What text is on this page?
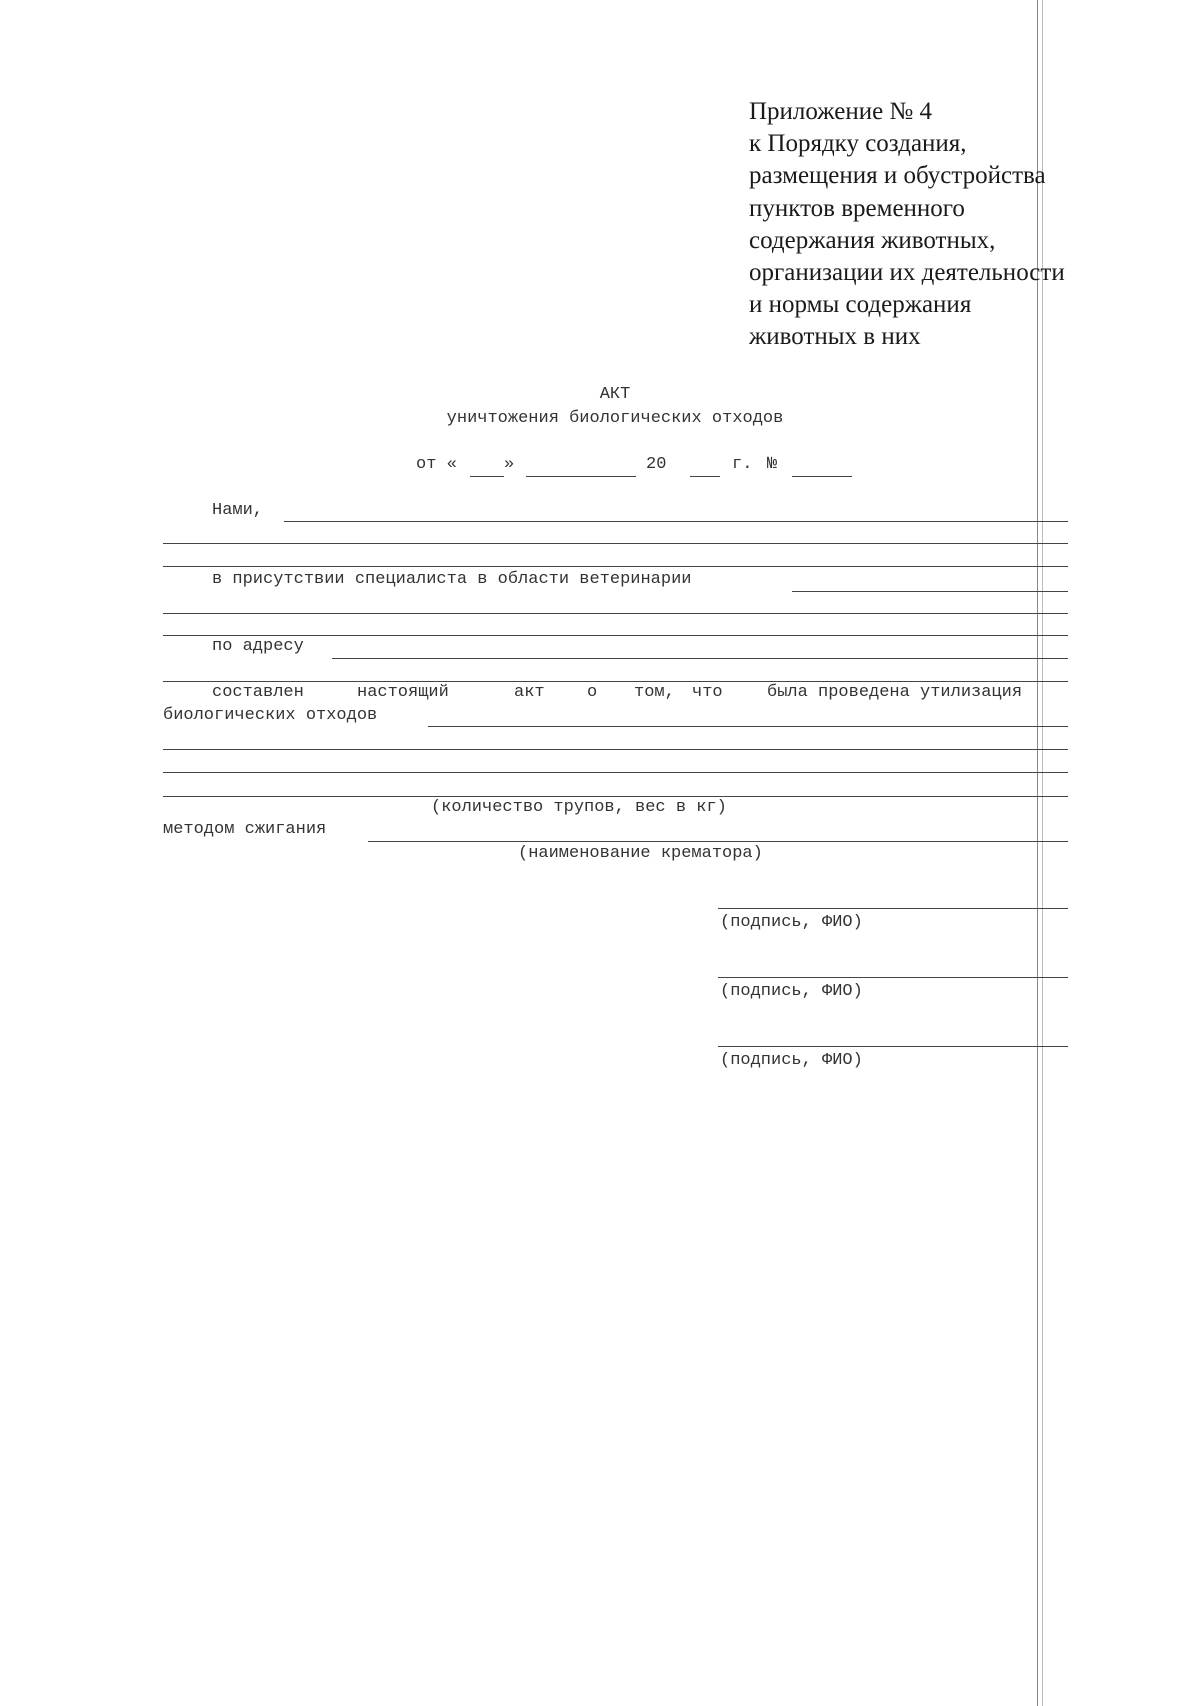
Приложение № 4
к Порядку создания,
размещения и обустройства
пунктов временного
содержания животных,
организации их деятельности
и нормы содержания
животных в них
АКТ
уничтожения биологических отходов
от «	»	20	г. №
Нами,
в присутствии специалиста в области ветеринарии
по адресу
составлен	настоящий	акт о том, что	была проведена утилизация
биологических отходов
(количество трупов, вес в кг)
методом сжигания
(наименование крематора)
(подпись, ФИО)
(подпись, ФИО)
(подпись, ФИО)
